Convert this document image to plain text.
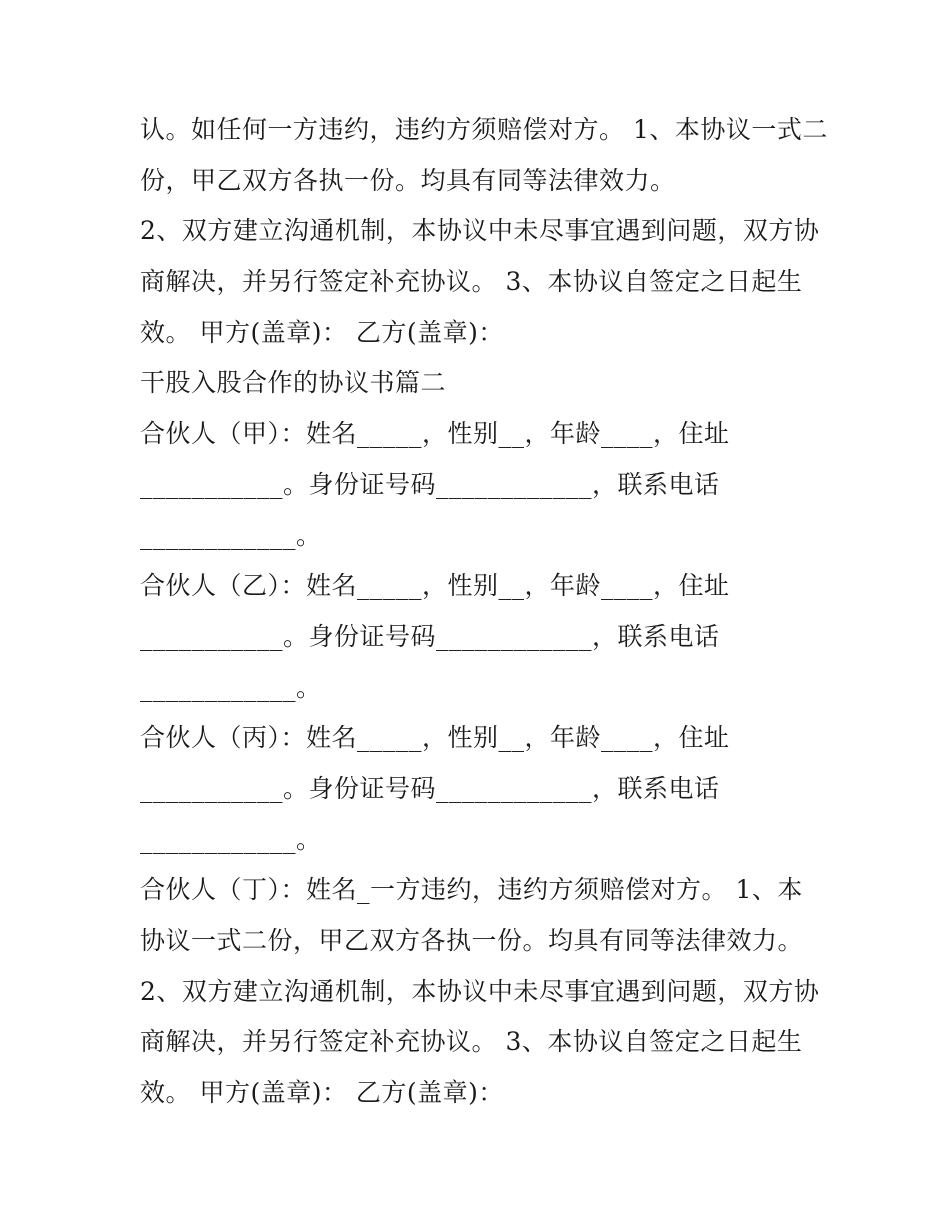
认。如任何一方违约，违约方须赔偿对方。 1、本协议一式二
份，甲乙双方各执一份。均具有同等法律效力。
2、双方建立沟通机制，本协议中未尽事宜遇到问题，双方协
商解决，并另行签定补充协议。 3、本协议自签定之日起生
效。 甲方(盖章)： 乙方(盖章)：
干股入股合作的协议书篇二
合伙人（甲）：姓名_____，性别__，年龄____，住址
___________。身份证号码____________，联系电话
____________。
合伙人（乙）：姓名_____，性别__，年龄____，住址
___________。身份证号码____________，联系电话
____________。
合伙人（丙）：姓名_____，性别__，年龄____，住址
___________。身份证号码____________，联系电话
____________。
合伙人（丁）：姓名_一方违约，违约方须赔偿对方。 1、本
协议一式二份，甲乙双方各执一份。均具有同等法律效力。
2、双方建立沟通机制，本协议中未尽事宜遇到问题，双方协
商解决，并另行签定补充协议。 3、本协议自签定之日起生
效。 甲方(盖章)： 乙方(盖章)：
